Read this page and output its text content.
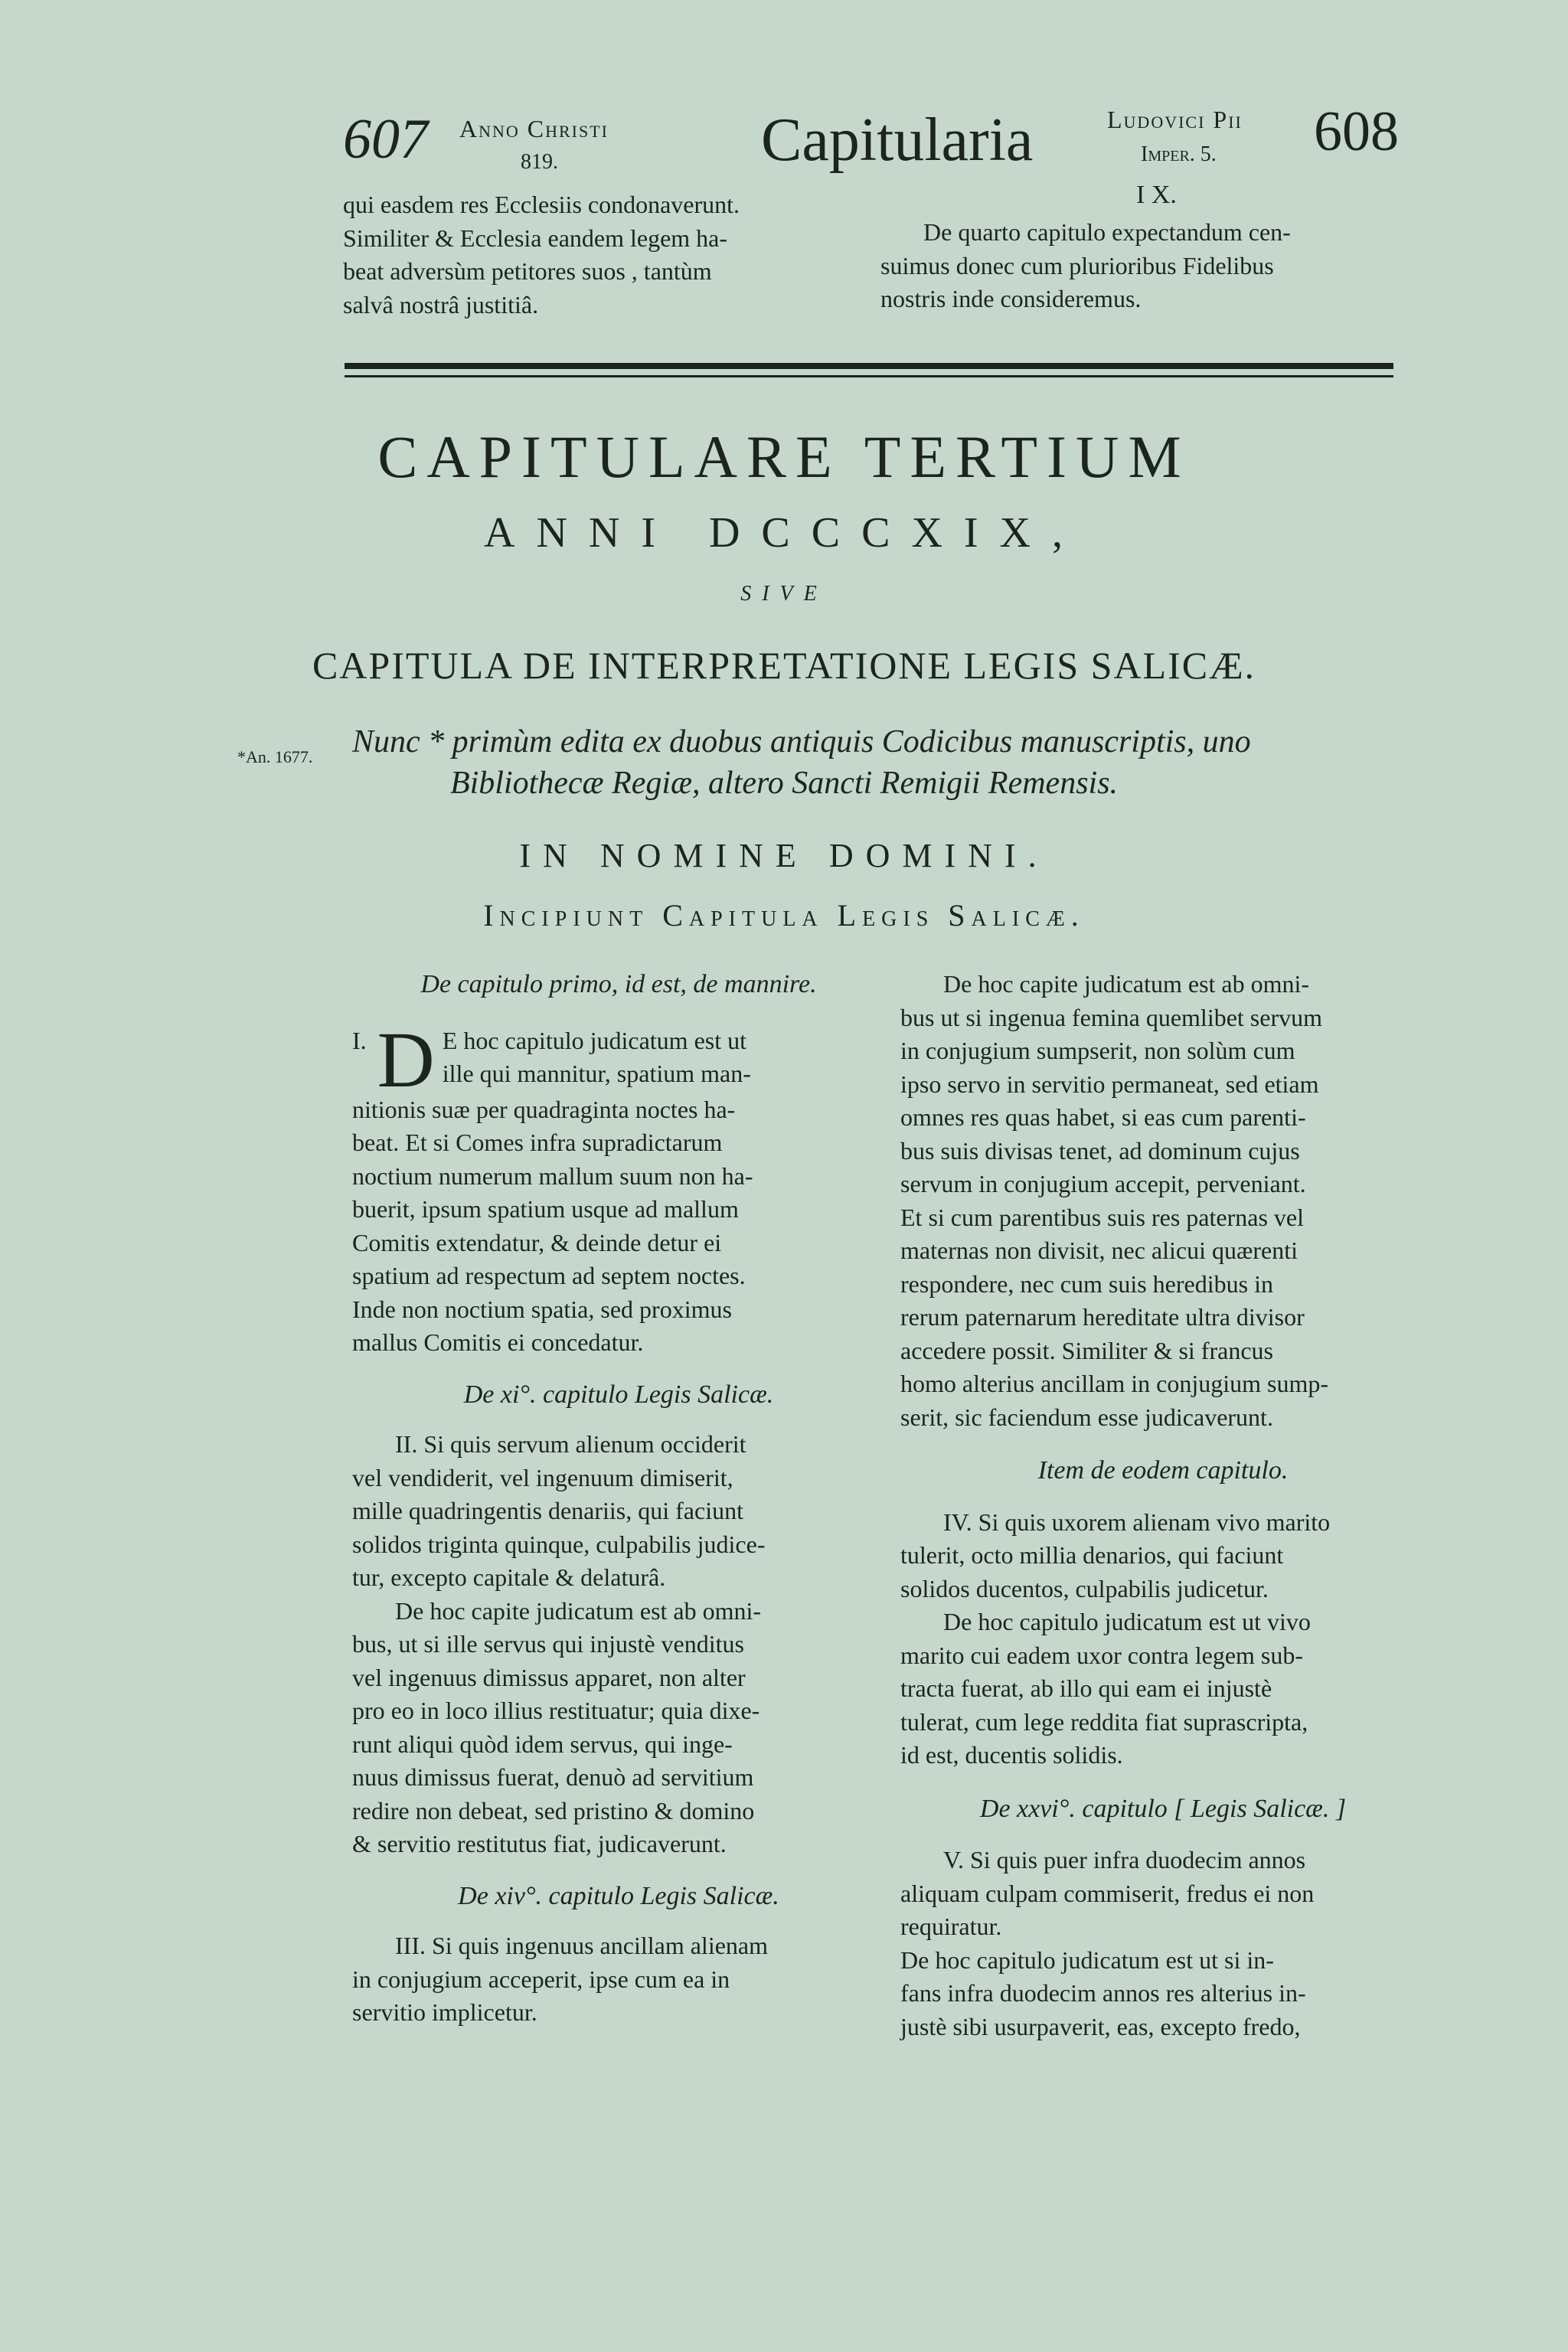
607 Anno Christi
819.	Capitularia	Ludovici Pii
Imper. 5. 608

qui easdem res Ecclesiis condonaverunt.

Similiter & Ecclesia eandem legem ha-

beat adversùm petitores suos , tantùm

salvâ nostrâ justitiâ.

I X.

De quarto capitulo expectandum cen-

suimus donec cum plurioribus Fidelibus

nostris inde consideremus.

CAPITULARE TERTIUM
ANNI DCCCXIX,
SIVE
CAPITULA DE INTERPRETATIONE LEGIS SALICÆ.
*An. 1677. Nunc * primùm edita ex duobus antiquis Codicibus manuscriptis, uno
Bibliothecæ Regiæ, altero Sancti Remigii Remensis.
IN NOMINE DOMINI.
Incipiunt Capitula Legis Salicæ.

De capitulo primo, id est, de mannire.

I. D E hoc capitulo judicatum est ut
ille qui mannitur, spatium man-
nitionis suæ per quadraginta noctes ha-
beat. Et si Comes infra supradictarum
noctium numerum mallum suum non ha-
buerit, ipsum spatium usque ad mallum
Comitis extendatur, & deinde detur ei
spatium ad respectum ad septem noctes.
Inde non noctium spatia, sed proximus
mallus Comitis ei concedatur.

De xi°. capitulo Legis Salicæ.

II. Si quis servum alienum occiderit

vel vendiderit, vel ingenuum dimiserit,

mille quadringentis denariis, qui faciunt

solidos triginta quinque, culpabilis judice-

tur, excepto capitale & delaturâ.

De hoc capite judicatum est ab omni-

bus, ut si ille servus qui injustè venditus

vel ingenuus dimissus apparet, non alter

pro eo in loco illius restituatur; quia dixe-

runt aliqui quòd idem servus, qui inge-

nuus dimissus fuerat, denuò ad servitium

redire non debeat, sed pristino & domino

& servitio restitutus fiat, judicaverunt.

De xiv°. capitulo Legis Salicæ.

III. Si quis ingenuus ancillam alienam

in conjugium acceperit, ipse cum ea in

servitio implicetur.

De hoc capite judicatum est ab omni-

bus ut si ingenua femina quemlibet servum

in conjugium sumpserit, non solùm cum

ipso servo in servitio permaneat, sed etiam

omnes res quas habet, si eas cum parenti-

bus suis divisas tenet, ad dominum cujus

servum in conjugium accepit, perveniant.

Et si cum parentibus suis res paternas vel

maternas non divisit, nec alicui quærenti

respondere, nec cum suis heredibus in

rerum paternarum hereditate ultra divisor

accedere possit. Similiter & si francus

homo alterius ancillam in conjugium sump-

serit, sic faciendum esse judicaverunt.

Item de eodem capitulo.

IV. Si quis uxorem alienam vivo marito

tulerit, octo millia denarios, qui faciunt

solidos ducentos, culpabilis judicetur.

De hoc capitulo judicatum est ut vivo

marito cui eadem uxor contra legem sub-

tracta fuerat, ab illo qui eam ei injustè

tulerat, cum lege reddita fiat suprascripta,

id est, ducentis solidis.

De xxvi°. capitulo [ Legis Salicæ. ]

V. Si quis puer infra duodecim annos

aliquam culpam commiserit, fredus ei non

requiratur.

De hoc capitulo judicatum est ut si in-

fans infra duodecim annos res alterius in-

justè sibi usurpaverit, eas, excepto fredo,
